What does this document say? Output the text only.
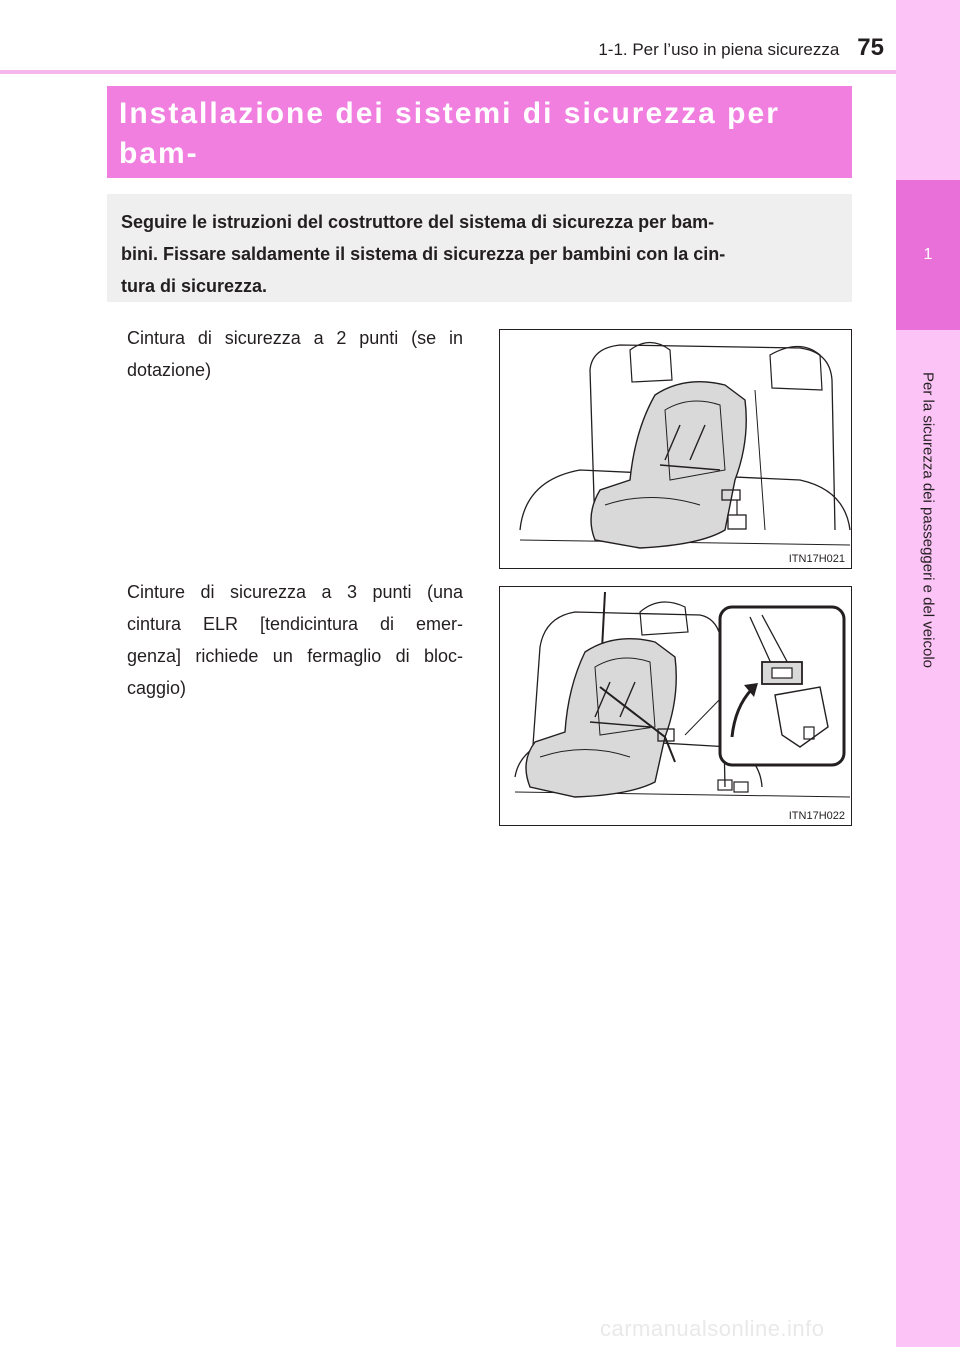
1-1. Per l’uso in piena sicurezza 75
1
Per la sicurezza dei passeggeri e del veicolo

Installazione dei sistemi di sicurezza per bam-

Seguire le istruzioni del costruttore del sistema di sicurezza per bam-

bini. Fissare saldamente il sistema di sicurezza per bambini con la cin-

tura di sicurezza.

Cintura di sicurezza a 2 punti (se in
dotazione)
ITN17H021
Cinture di sicurezza a 3 punti (una
cintura ELR [tendicintura di emer-
genza] richiede un fermaglio di bloc-
caggio)
ITN17H022
carmanualsonline.info
